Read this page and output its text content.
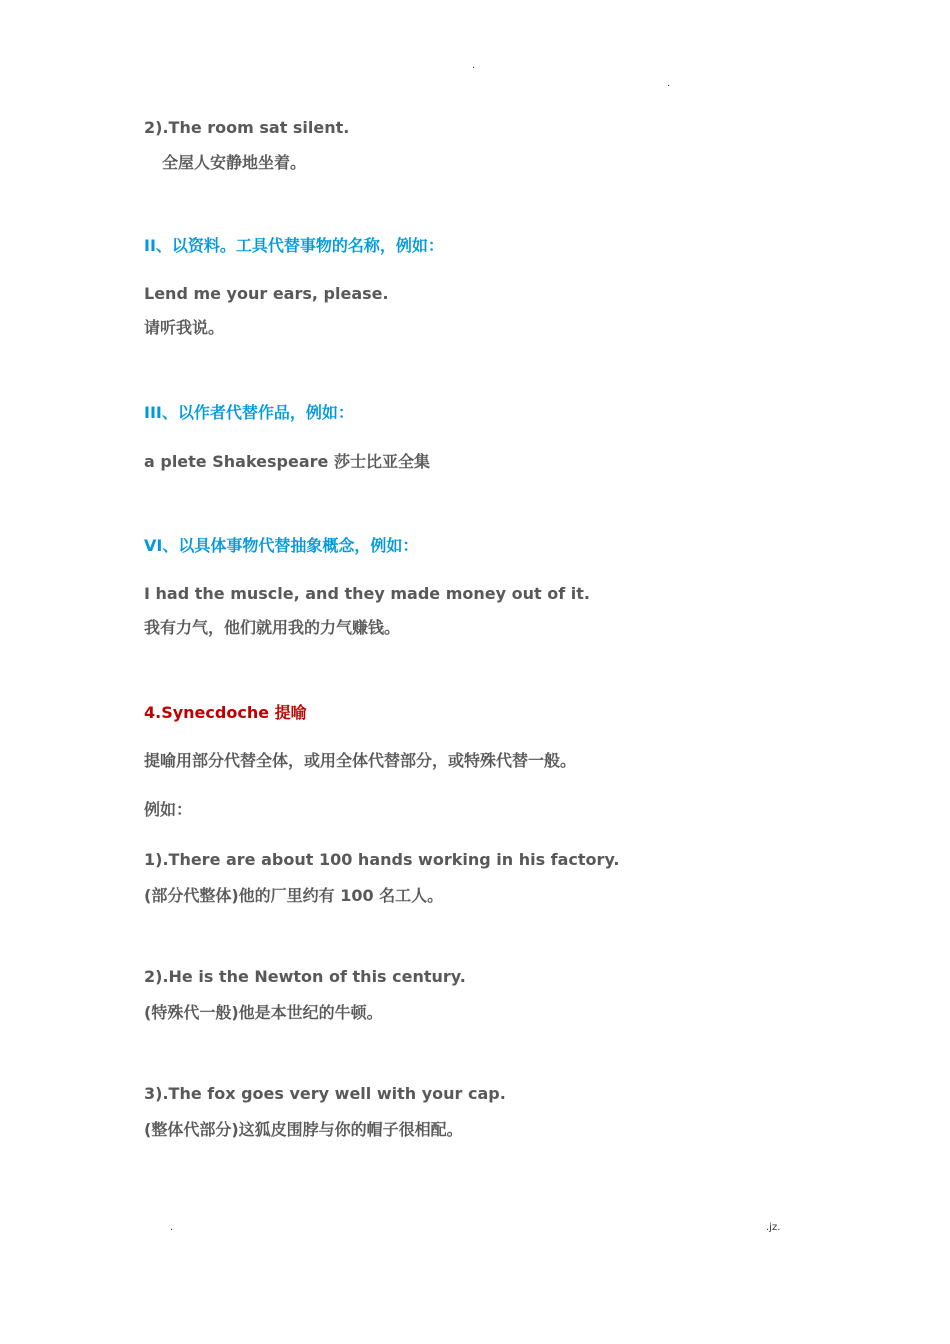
.
.
2).The room sat silent.
全屋人安静地坐着。
II、以资料。工具代替事物的名称，例如：
Lend me your ears, please.
请听我说。
III、以作者代替作品，例如：
a plete Shakespeare 莎士比亚全集
VI、以具体事物代替抽象概念，例如：
I had the muscle, and they made money out of it.
我有力气，他们就用我的力气赚钱。
4.Synecdoche 提喻
提喻用部分代替全体，或用全体代替部分，或特殊代替一般。
例如：
1).There are about 100 hands working in his factory.
(部分代整体)他的厂里约有 100 名工人。
2).He is the Newton of this century.
(特殊代一般)他是本世纪的牛顿。
3).The fox goes very well with your cap.
(整体代部分)这狐皮围脖与你的帽子很相配。
.	.jz.
